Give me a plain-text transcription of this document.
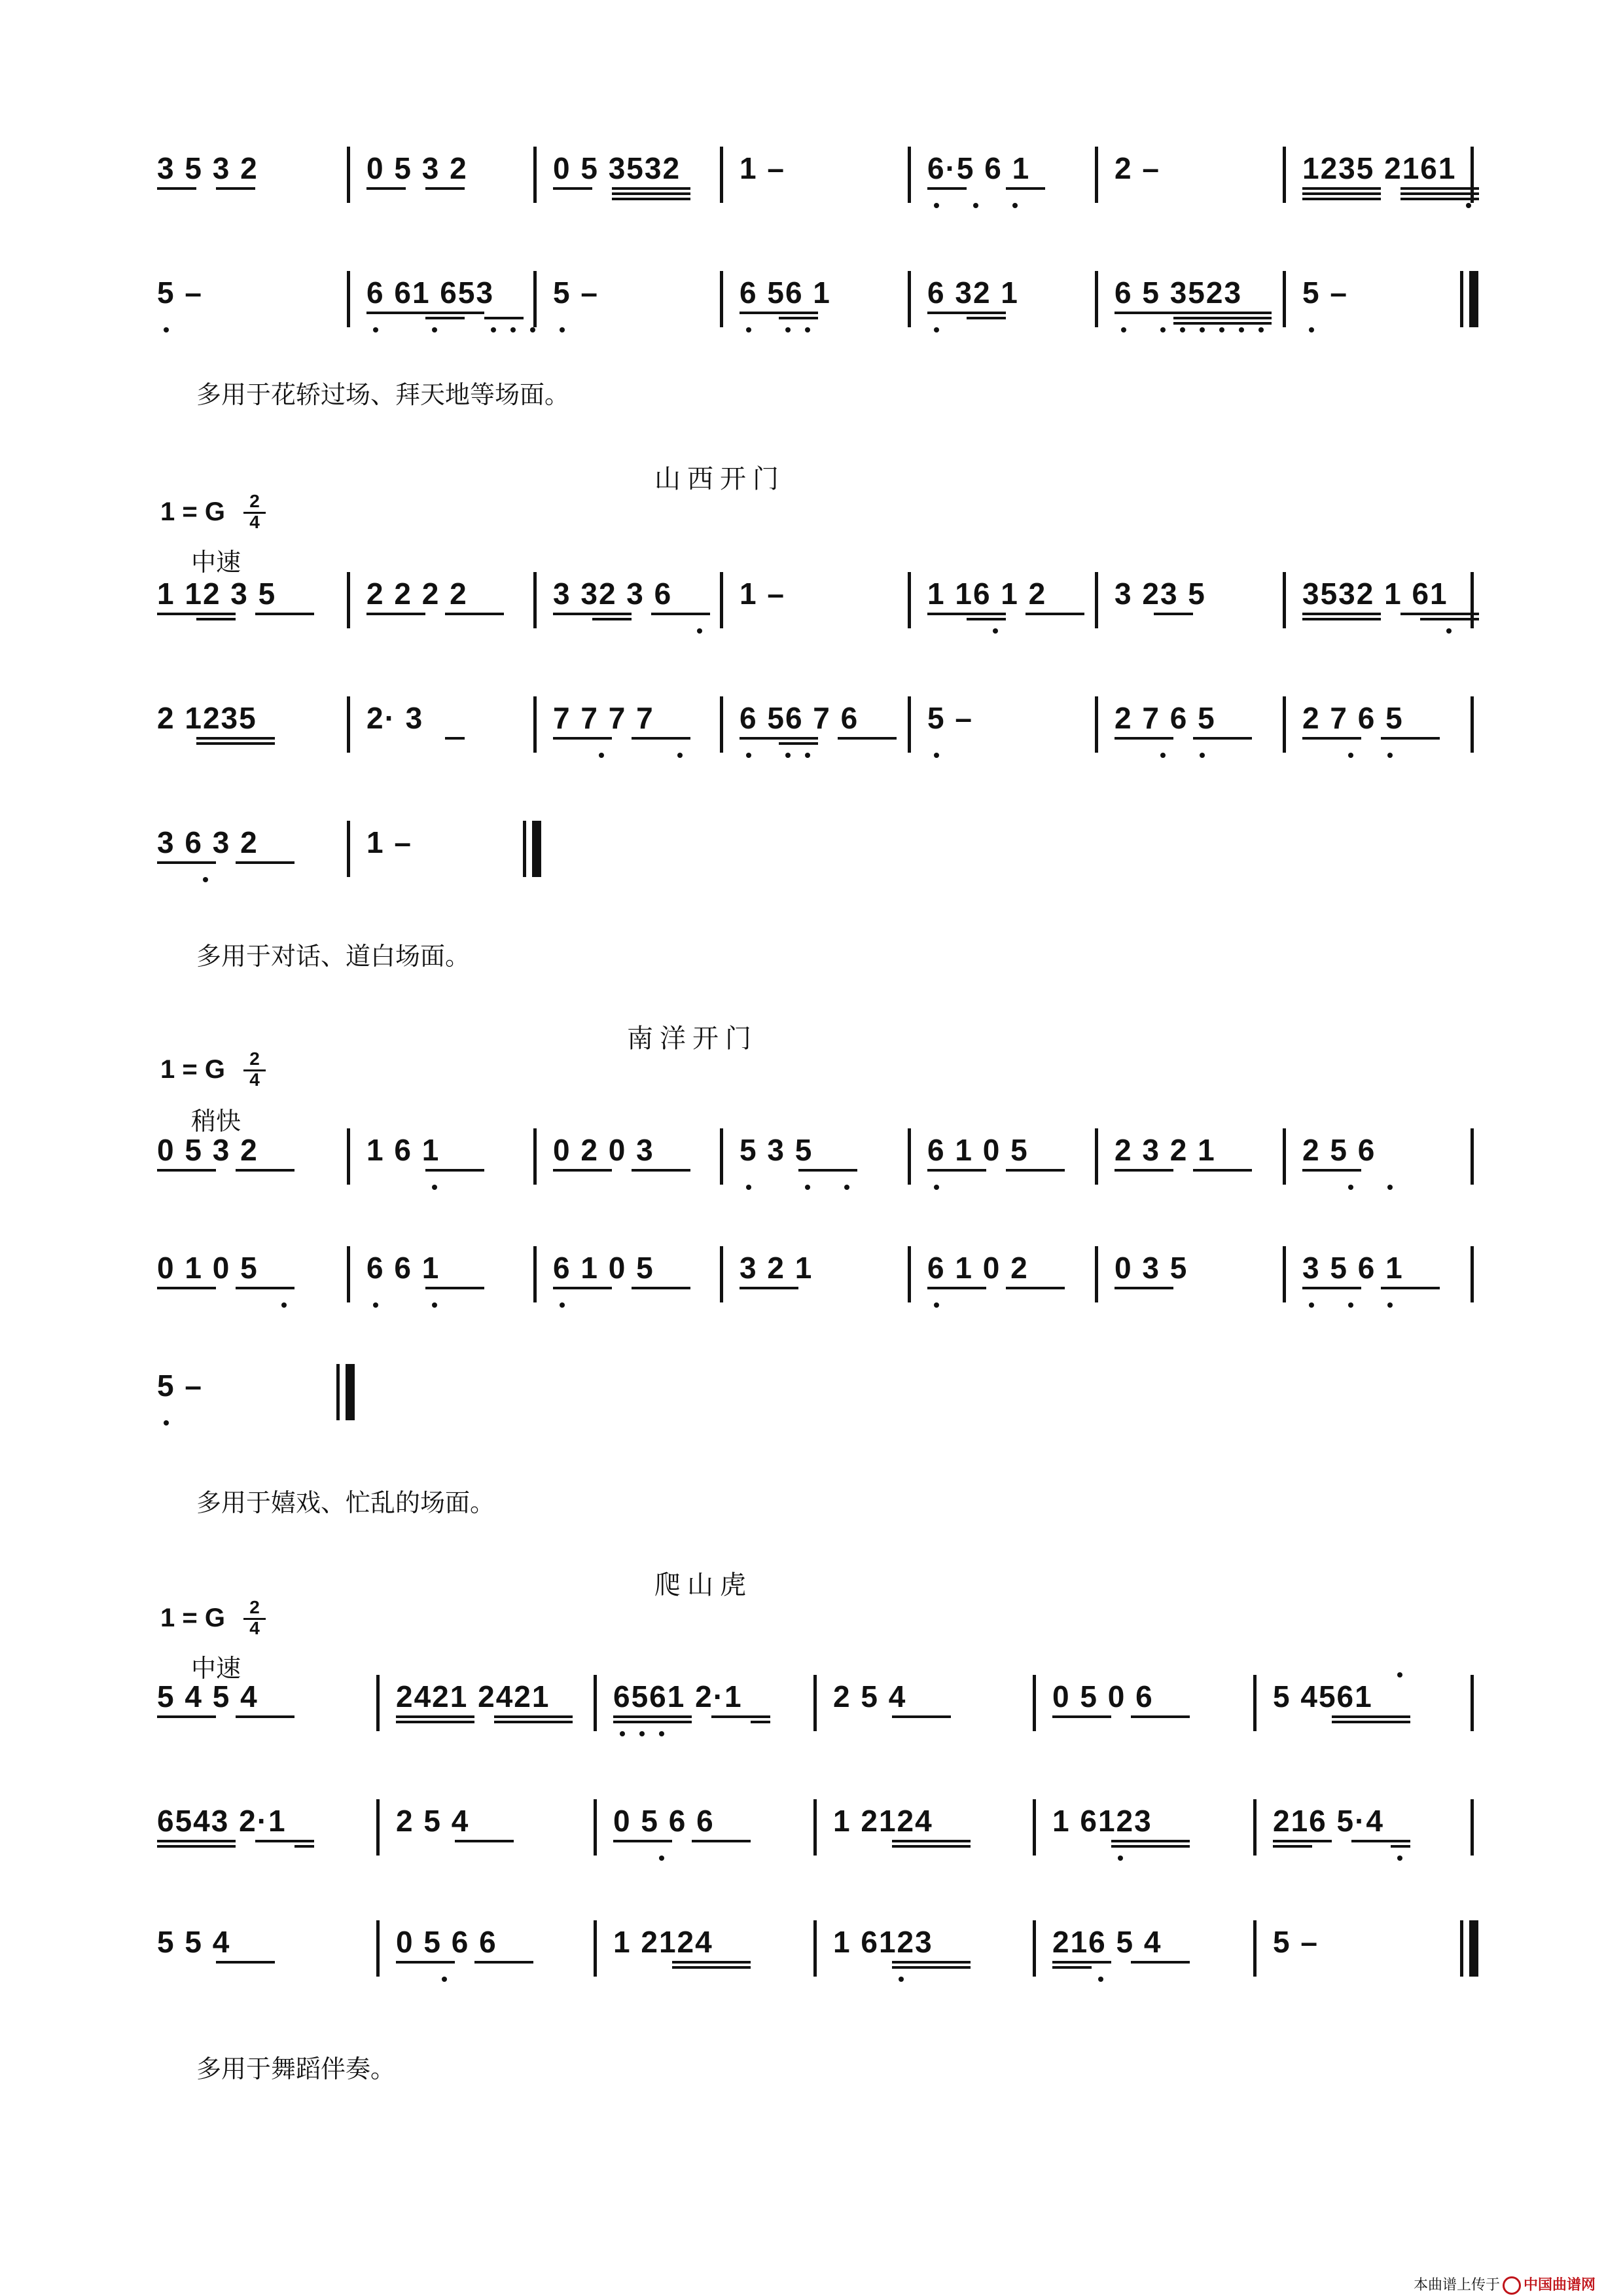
3 5 3 2	0 5 3 2	0 5 3532 1 –	6·5 6 1	2 –	1235 2161
5 –	6 61 653 5 –	6 56 1	6 32 1	6 5 3523 5 –
多用于花轿过场、拜天地等场面。
山西开门
1 = G	2
4
中速
1 12 3 5	2 2 2 2	3 32 3 6 1 –	1 16 1 2 3 23 5	3532 1 61
2 1235	2· 3	7 7 7 7	6 56 7 6 5 –	2 7 6 5	2 7 6 5
3 6 3 2	1 –
多用于对话、道白场面。
南洋开门
1 = G	2
4
稍快
0 5 3 2	1 6 1	0 2 0 3	5 3 5	6 1 0 5	2 3 2 1	2 5 6
0 1 0 5	6 6 1	6 1 0 5	3 2 1	6 1 0 2	0 3 5	3 5 6 1
5 –
多用于嬉戏、忙乱的场面。
爬山虎
1 = G	2
4
中速
5 4 5 4	2421 2421 6561 2·1	2 5 4	0 5 0 6	5 4561
6543 2·1	2 5 4	0 5 6 6	1 2124	1 6123	216 5·4
5 5 4	0 5 6 6	1 2124	1 6123	216 5 4	5 –
多用于舞蹈伴奏。
本曲谱上传于 中国曲谱网
